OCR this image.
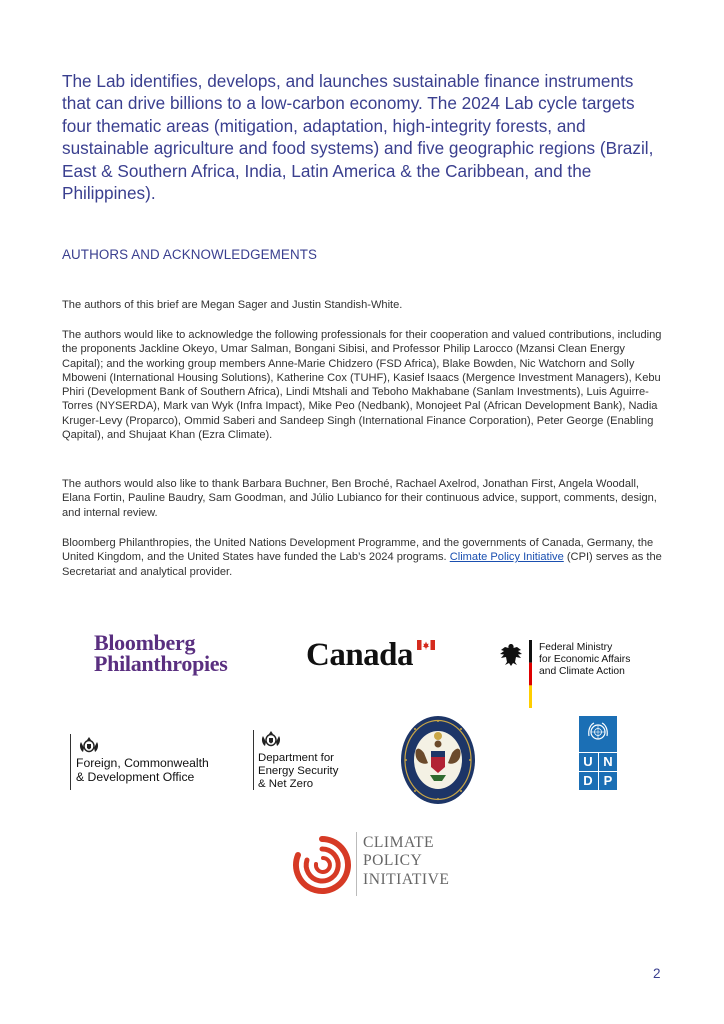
The Lab identifies, develops, and launches sustainable finance instruments that can drive billions to a low-carbon economy. The 2024 Lab cycle targets four thematic areas (mitigation, adaptation, high-integrity forests, and sustainable agriculture and food systems) and five geographic regions (Brazil, East & Southern Africa, India, Latin America & the Caribbean, and the Philippines).

AUTHORS AND ACKNOWLEDGEMENTS

The authors of this brief are Megan Sager and Justin Standish-White.

The authors would like to acknowledge the following professionals for their cooperation and valued contributions, including the proponents Jackline Okeyo, Umar Salman, Bongani Sibisi, and Professor Philip Larocco (Mzansi Clean Energy Capital); and the working group members Anne-Marie Chidzero (FSD Africa), Blake Bowden, Nic Watchorn and Solly Mboweni (International Housing Solutions), Katherine Cox (TUHF), Kasief Isaacs (Mergence Investment Managers), Kebu Phiri (Development Bank of Southern Africa), Lindi Mtshali and Teboho Makhabane (Sanlam Investments), Luis Aguirre-Torres (NYSERDA), Mark van Wyk (Infra Impact), Mike Peo (Nedbank), Monojeet Pal (African Development Bank), Nadia Kruger-Levy (Proparco), Ommid Saberi and Sandeep Singh (International Finance Corporation), Peter George (Enabling Qapital), and Shujaat Khan (Ezra Climate).

The authors would also like to thank Barbara Buchner, Ben Broché, Rachael Axelrod, Jonathan First, Angela Woodall, Elana Fortin, Pauline Baudry, Sam Goodman, and Júlio Lubianco for their continuous advice, support, comments, design, and internal review.

Bloomberg Philanthropies, the United Nations Development Programme, and the governments of Canada, Germany, the United Kingdom, and the United States have funded the Lab’s 2024 programs. Climate Policy Initiative (CPI) serves as the Secretariat and analytical provider.

Bloomberg
Philanthropies Canada	Federal Ministry
for Economic Affairs
and Climate Action
Foreign, Commonwealth
& Development Office
Department for
Energy Security
& Net Zero
U N
D P
CLIMATE
POLICY
INITIATIVE
2
